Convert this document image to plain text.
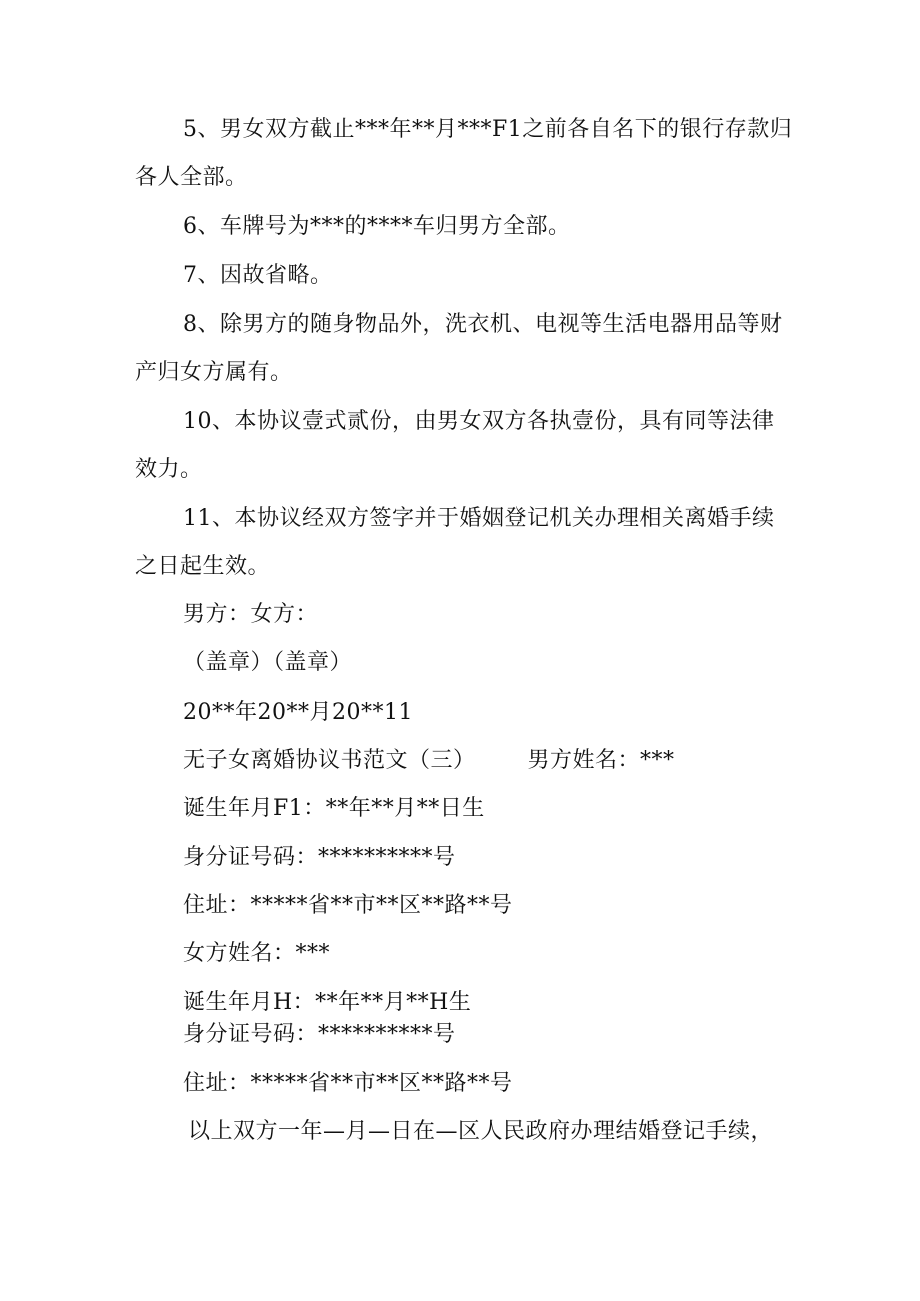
5、男女双方截止***年**月***F1之前各自名下的银行存款归
各人全部。
6、车牌号为***的****车归男方全部。
7、因故省略。
8、除男方的随身物品外，洗衣机、电视等生活电器用品等财
产归女方属有。
10、本协议壹式贰份，由男女双方各执壹份，具有同等法律
效力。
11、本协议经双方签字并于婚姻登记机关办理相关离婚手续
之日起生效。
男方：女方：
（盖章）（盖章）
20**年20**月20**11
无子女离婚协议书范文（三） 男方姓名：***
诞生年月F1：**年**月**日生
身分证号码：**********号
住址：*****省**市**区**路**号
女方姓名：***
诞生年月H：**年**月**H生
身分证号码：**********号
住址：*****省**市**区**路**号
以上双方一年—月—日在—区人民政府办理结婚登记手续，
